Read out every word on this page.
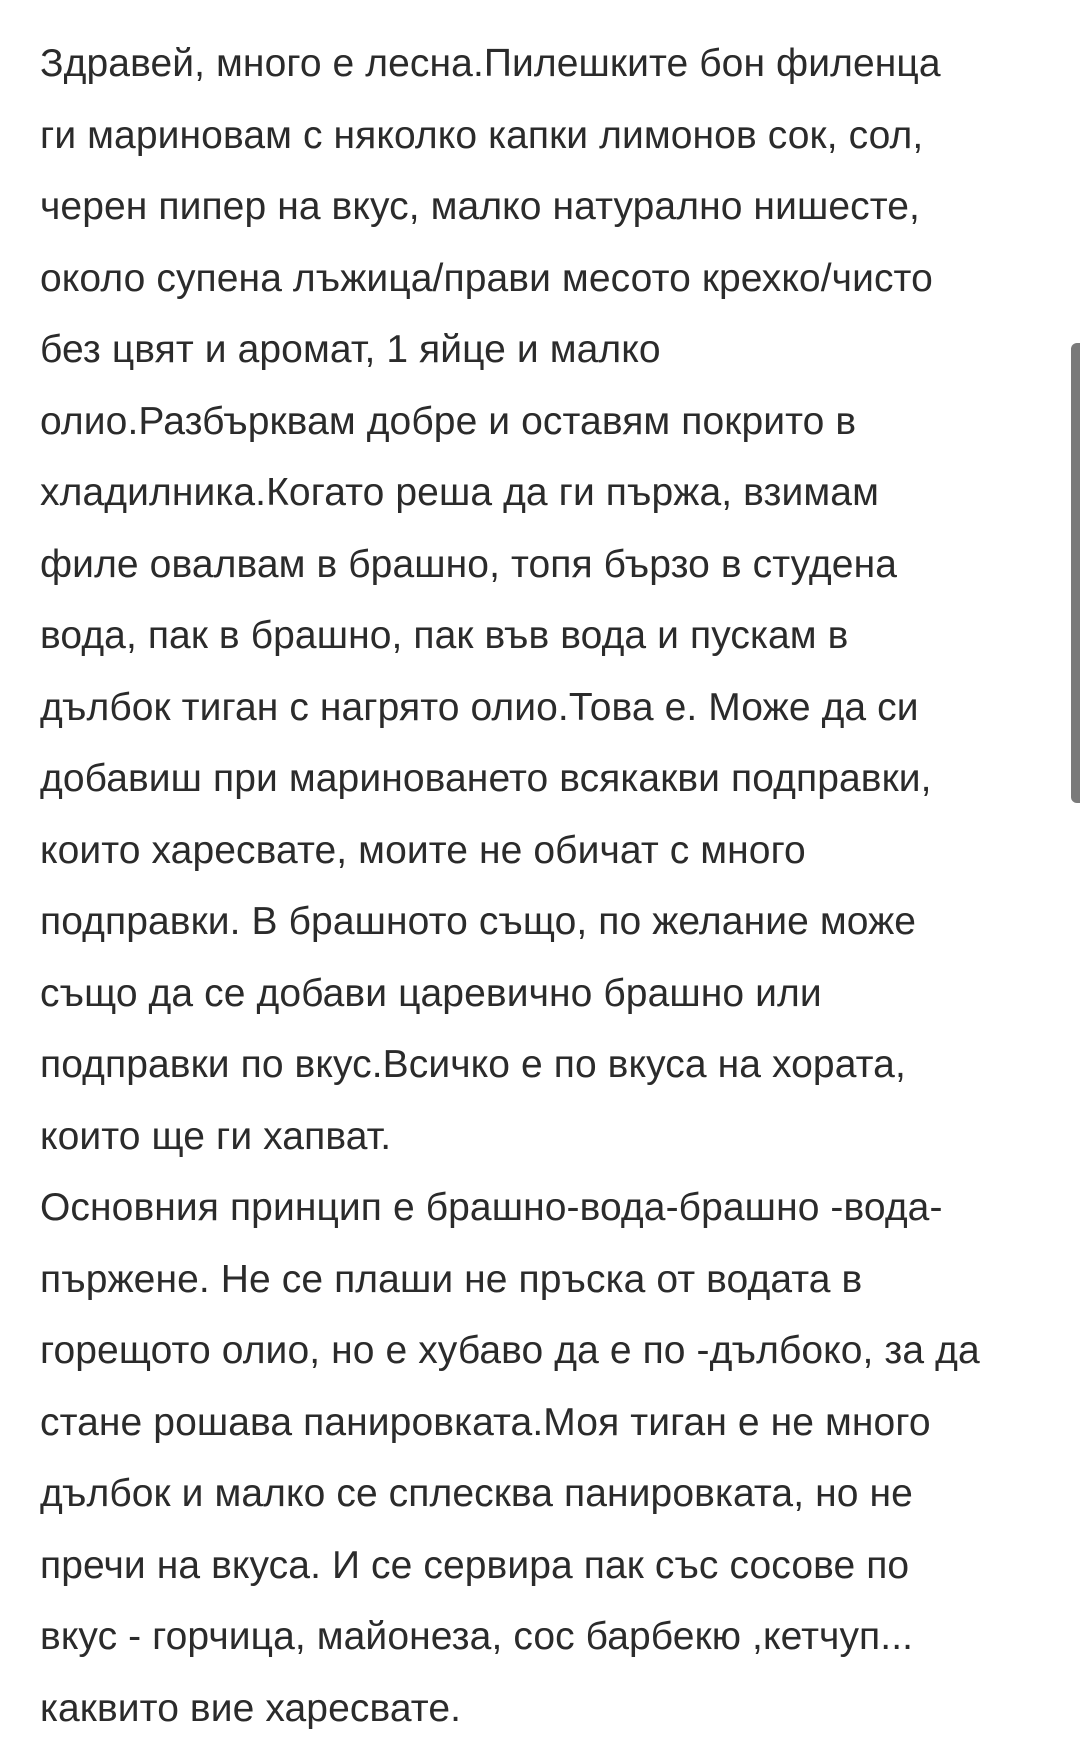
Здравей, много е лесна.Пилешките бон филенца
ги мариновам с няколко капки лимонов сок, сол,
черен пипер на вкус, малко натурално нишесте,
около супена лъжица/прави месото крехко/чисто
без цвят и аромат, 1 яйце и малко
олио.Разбърквам добре и оставям покрито в
хладилника.Когато реша да ги пържа, взимам
филе овалвам в брашно, топя бързо в студена
вода, пак в брашно, пак във вода и пускам в
дълбок тиган с нагрято олио.Това е. Може да си
добавиш при маринoването всякакви подправки,
които харесвате, моите не обичат с много
подправки. В брашното също, по желание може
също да се добави царевично брашно или
подправки по вкус.Всичко е по вкуса на хората,
които ще ги хапват.
Основния принцип е брашно-вода-брашно -вода-
пържене. Не се плаши не пръска от водата в
горещото олио, но е хубаво да е по -дълбоко, за да
стане рошава панировката.Моя тиган е не много
дълбок и малко се сплесква панировката, но не
пречи на вкуса. И се сервира пак със сосове по
вкус - горчица, майонеза, сос барбекю ,кетчуп...
каквито вие харесвате.
